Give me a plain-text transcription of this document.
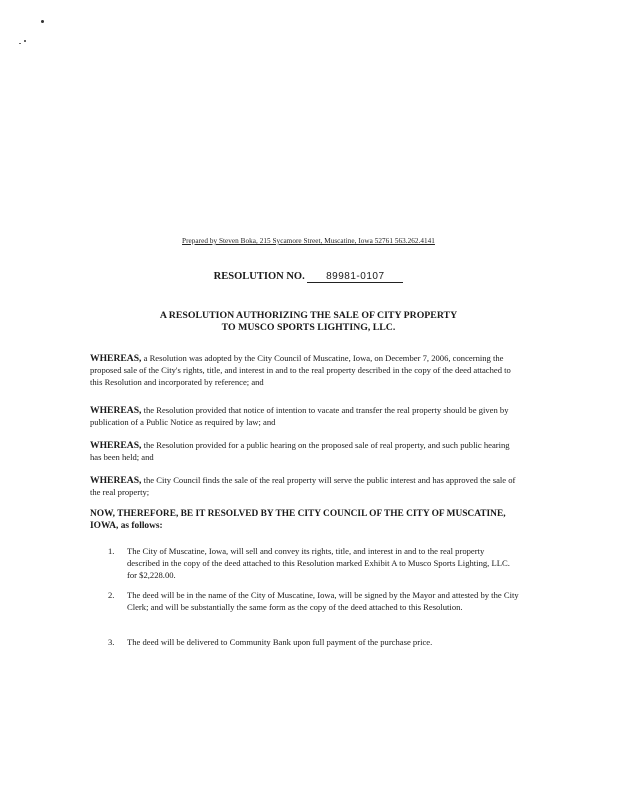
Prepared by Steven Boka, 215 Sycamore Street, Muscatine, Iowa 52761 563.262.4141
RESOLUTION NO. 89981-0107
A RESOLUTION AUTHORIZING THE SALE OF CITY PROPERTY
TO MUSCO SPORTS LIGHTING, LLC.
WHEREAS, a Resolution was adopted by the City Council of Muscatine, Iowa, on December 7, 2006, concerning the proposed sale of the City's rights, title, and interest in and to the real property described in the copy of the deed attached to this Resolution and incorporated by reference; and
WHEREAS, the Resolution provided that notice of intention to vacate and transfer the real property should be given by publication of a Public Notice as required by law; and
WHEREAS, the Resolution provided for a public hearing on the proposed sale of real property, and such public hearing has been held; and
WHEREAS, the City Council finds the sale of the real property will serve the public interest and has approved the sale of the real property;
NOW, THEREFORE, BE IT RESOLVED BY THE CITY COUNCIL OF THE CITY OF MUSCATINE, IOWA, as follows:
1. The City of Muscatine, Iowa, will sell and convey its rights, title, and interest in and to the real property described in the copy of the deed attached to this Resolution marked Exhibit A to Musco Sports Lighting, LLC. for $2,228.00.
2. The deed will be in the name of the City of Muscatine, Iowa, will be signed by the Mayor and attested by the City Clerk; and will be substantially the same form as the copy of the deed attached to this Resolution.
3. The deed will be delivered to Community Bank upon full payment of the purchase price.
